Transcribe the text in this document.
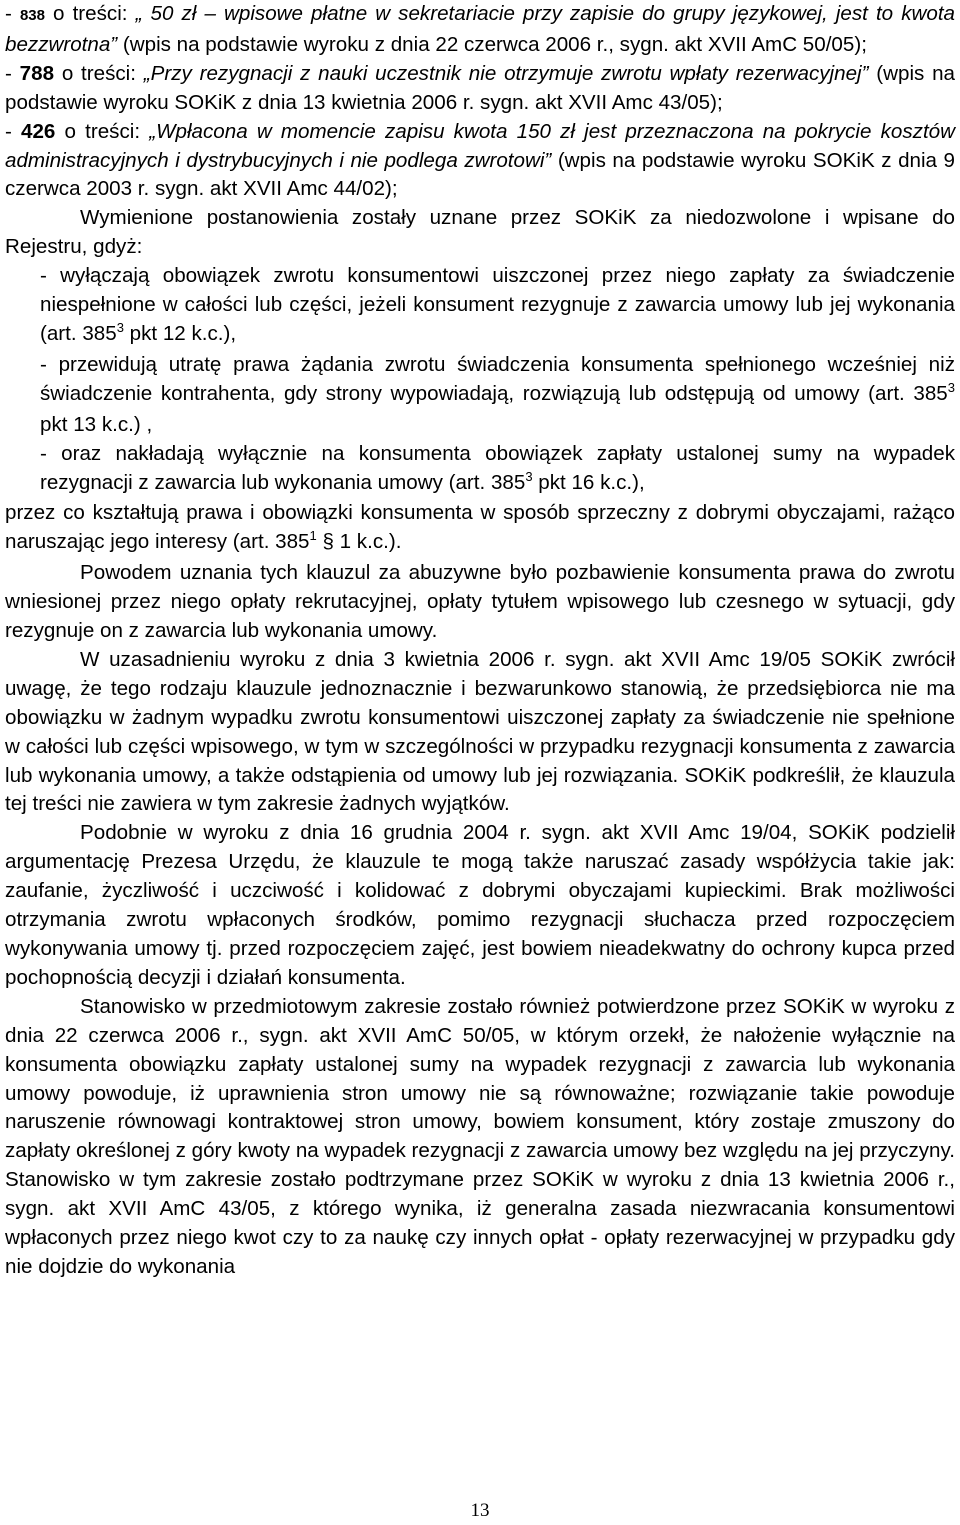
- 838 o treści: „ 50 zł – wpisowe płatne w sekretariacie przy zapisie do grupy językowej, jest to kwota bezzwrotna” (wpis na podstawie wyroku z dnia 22 czerwca 2006 r., sygn. akt XVII AmC 50/05);

- 788 o treści: „Przy rezygnacji z nauki uczestnik nie otrzymuje zwrotu wpłaty rezerwacyjnej” (wpis na podstawie wyroku SOKiK z dnia 13 kwietnia 2006 r. sygn. akt XVII Amc 43/05);

- 426 o treści: „Wpłacona w momencie zapisu kwota 150 zł jest przeznaczona na pokrycie kosztów administracyjnych i dystrybucyjnych i nie podlega zwrotowi” (wpis na podstawie wyroku SOKiK z dnia 9 czerwca 2003 r. sygn. akt XVII Amc 44/02);

Wymienione postanowienia zostały uznane przez SOKiK za niedozwolone i wpisane do Rejestru, gdyż:

- wyłączają obowiązek zwrotu konsumentowi uiszczonej przez niego zapłaty za świadczenie niespełnione w całości lub części, jeżeli konsument rezygnuje z zawarcia umowy lub jej wykonania (art. $385^3$ pkt 12 k.c.),

- przewidują utratę prawa żądania zwrotu świadczenia konsumenta spełnionego wcześniej niż świadczenie kontrahenta, gdy strony wypowiadają, rozwiązują lub odstępują od umowy (art. $385^3$ pkt 13 k.c.) ,

- oraz nakładają wyłącznie na konsumenta obowiązek zapłaty ustalonej sumy na wypadek rezygnacji z zawarcia lub wykonania umowy (art. $385^3$ pkt 16 k.c.),

przez co kształtują prawa i obowiązki konsumenta w sposób sprzeczny z dobrymi obyczajami, rażąco naruszając jego interesy (art. $385^1$ § 1 k.c.).

Powodem uznania tych klauzul za abuzywne było pozbawienie konsumenta prawa do zwrotu wniesionej przez niego opłaty rekrutacyjnej, opłaty tytułem wpisowego lub czesnego w sytuacji, gdy rezygnuje on z zawarcia lub wykonania umowy.

W uzasadnieniu wyroku z dnia 3 kwietnia 2006 r. sygn. akt XVII Amc 19/05 SOKiK zwrócił uwagę, że tego rodzaju klauzule jednoznacznie i bezwarunkowo stanowią, że przedsiębiorca nie ma obowiązku w żadnym wypadku zwrotu konsumentowi uiszczonej zapłaty za świadczenie nie spełnione w całości lub części wpisowego, w tym w szczególności w przypadku rezygnacji konsumenta z zawarcia lub wykonania umowy, a także odstąpienia od umowy lub jej rozwiązania. SOKiK podkreślił, że klauzula tej treści nie zawiera w tym zakresie żadnych wyjątków.

Podobnie w wyroku z dnia 16 grudnia 2004 r. sygn. akt XVII Amc 19/04, SOKiK podzielił argumentację Prezesa Urzędu, że klauzule te mogą także naruszać zasady współżycia takie jak: zaufanie, życzliwość i uczciwość i kolidować z dobrymi obyczajami kupieckimi. Brak możliwości otrzymania zwrotu wpłaconych środków, pomimo rezygnacji słuchacza przed rozpoczęciem wykonywania umowy tj. przed rozpoczęciem zajęć, jest bowiem nieadekwatny do ochrony kupca przed pochopnością decyzji i działań konsumenta.

Stanowisko w przedmiotowym zakresie zostało również potwierdzone przez SOKiK w wyroku z dnia 22 czerwca 2006 r., sygn. akt XVII AmC 50/05, w którym orzekł, że nałożenie wyłącznie na konsumenta obowiązku zapłaty ustalonej sumy na wypadek rezygnacji z zawarcia lub wykonania umowy powoduje, iż uprawnienia stron umowy nie są równoważne; rozwiązanie takie powoduje naruszenie równowagi kontraktowej stron umowy, bowiem konsument, który zostaje zmuszony do zapłaty określonej z góry kwoty na wypadek rezygnacji z zawarcia umowy bez względu na jej przyczyny. Stanowisko w tym zakresie zostało podtrzymane przez SOKiK w wyroku z dnia 13 kwietnia 2006 r., sygn. akt XVII AmC 43/05, z którego wynika, iż generalna zasada niezwracania konsumentowi wpłaconych przez niego kwot czy to za naukę czy innych opłat - opłaty rezerwacyjnej w przypadku gdy nie dojdzie do wykonania

13
